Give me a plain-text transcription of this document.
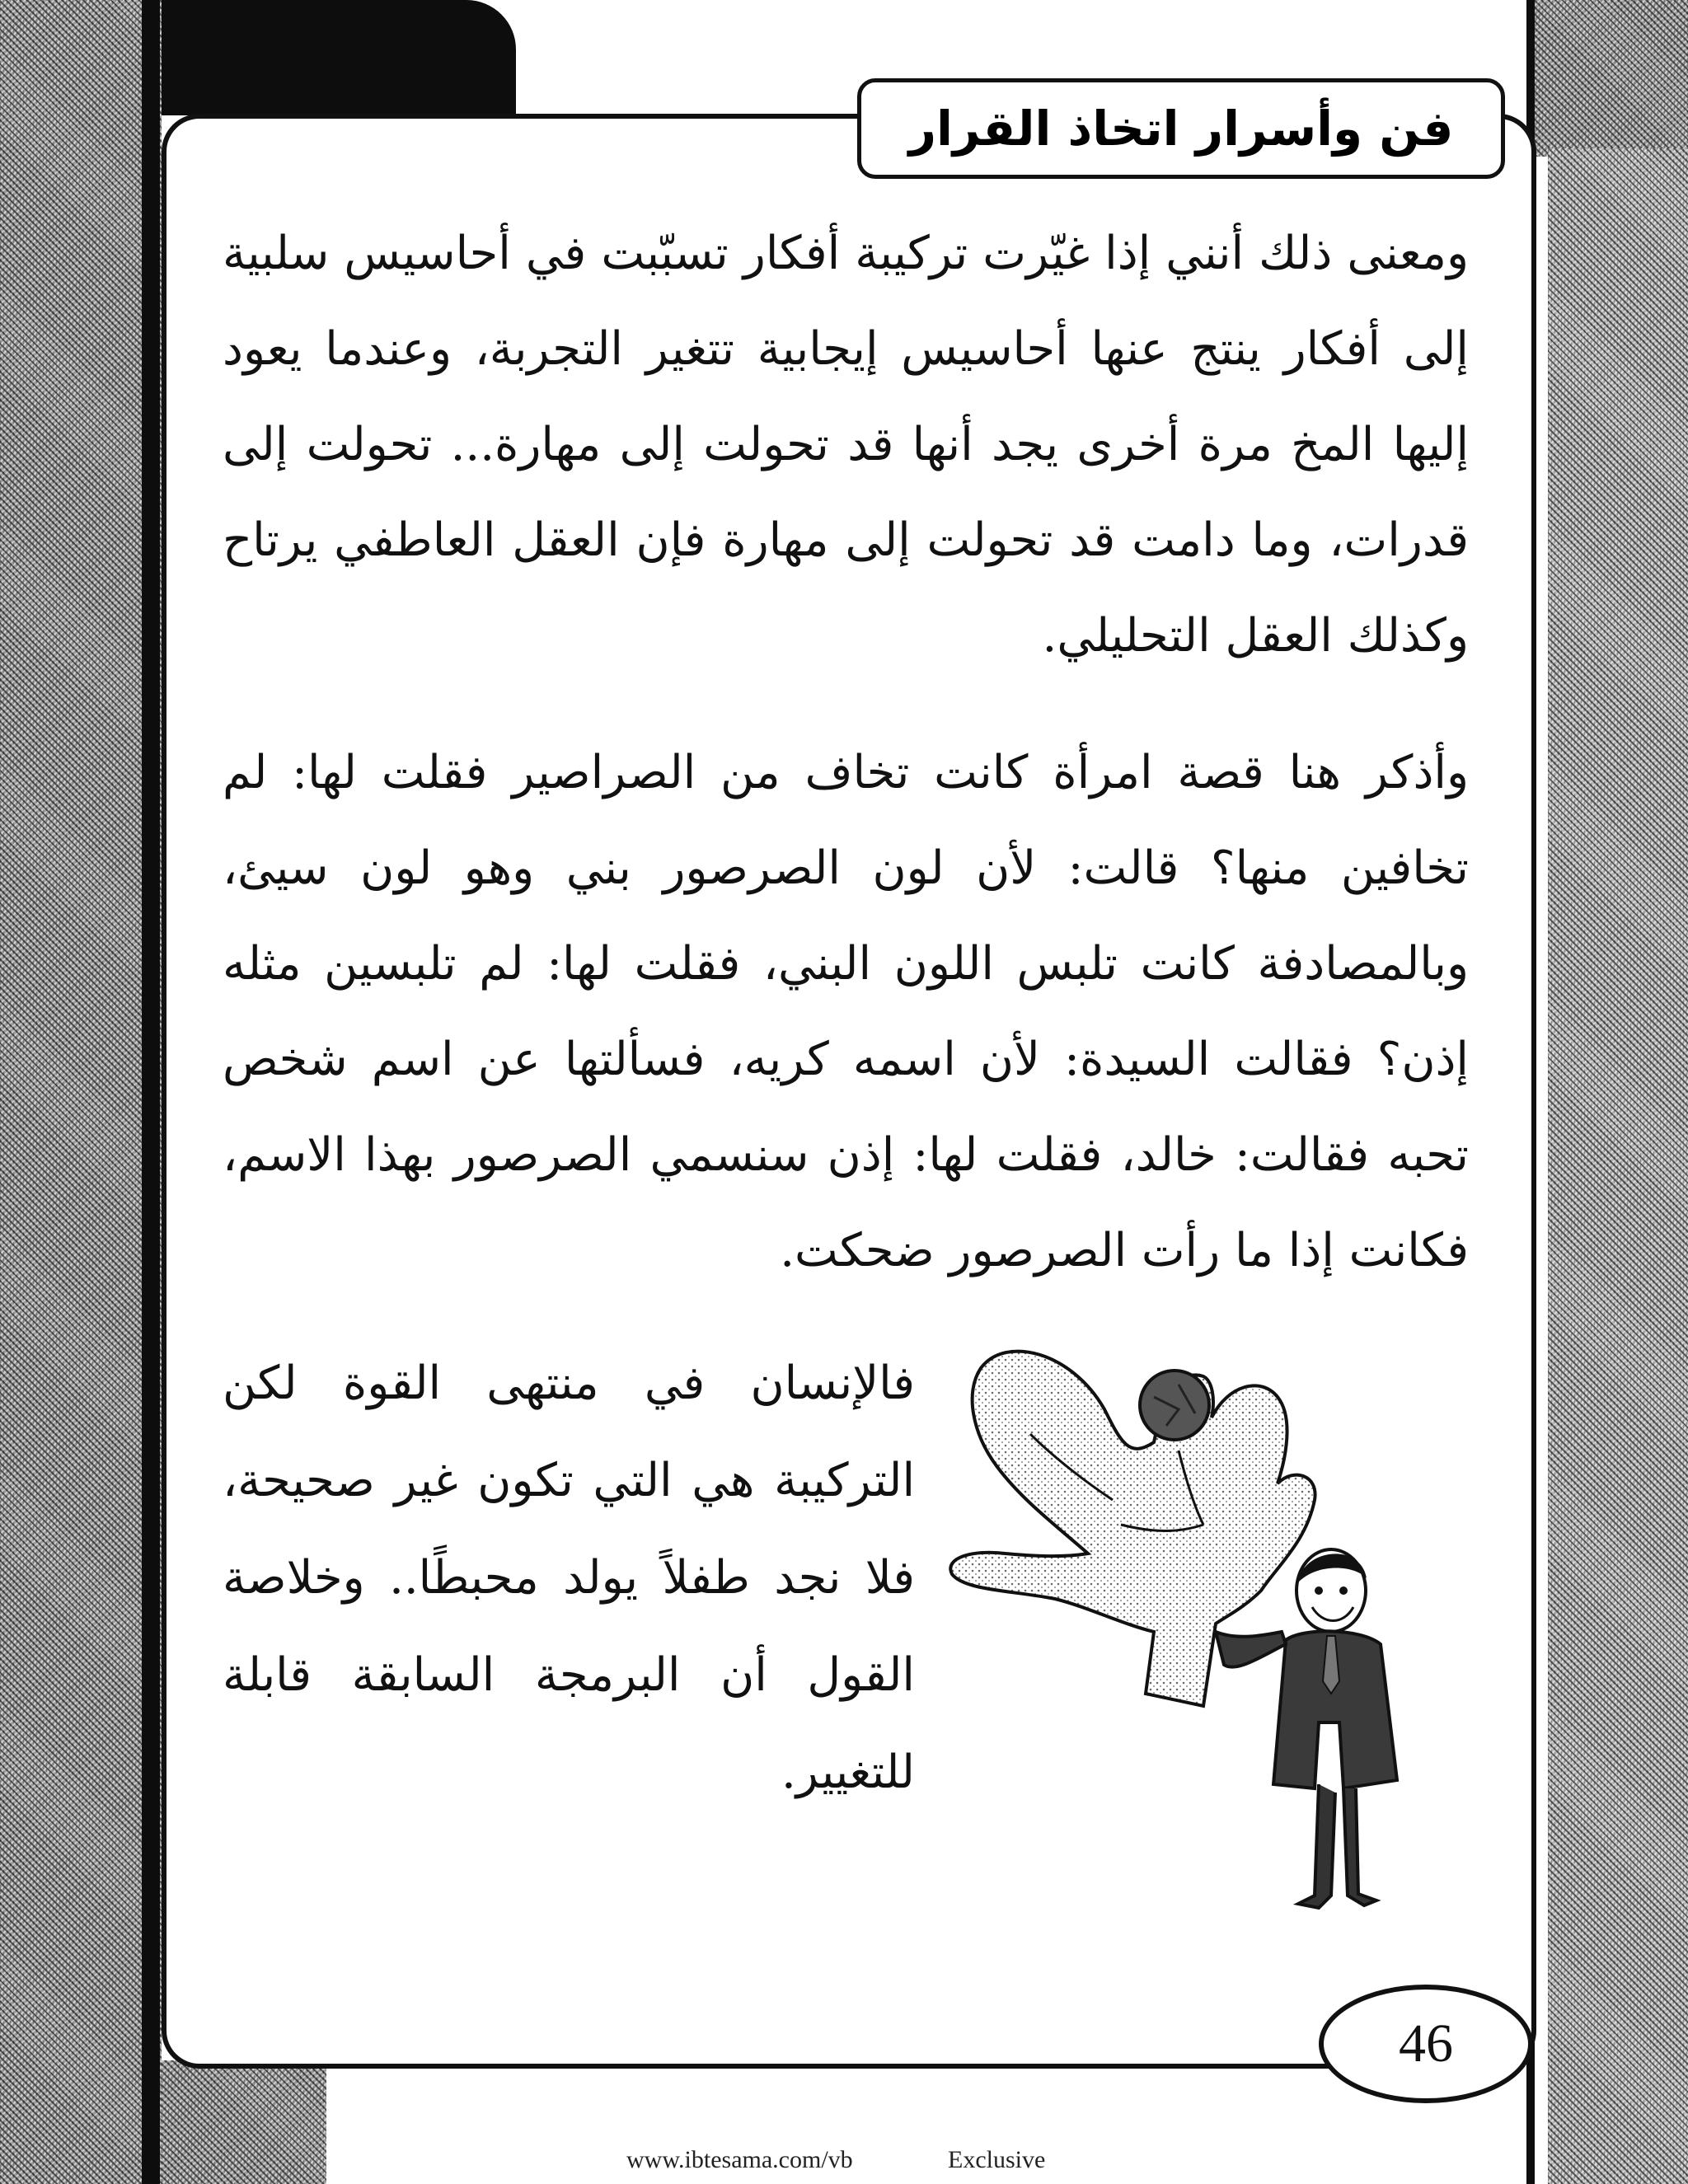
فن وأسرار اتخاذ القرار

ومعنى ذلك أنني إذا غيّرت تركيبة أفكار تسبّبت في أحاسيس سلبية إلى أفكار ينتج عنها أحاسيس إيجابية تتغير التجربة، وعندما يعود إليها المخ مرة أخرى يجد أنها قد تحولت إلى مهارة... تحولت إلى قدرات، وما دامت قد تحولت إلى مهارة فإن العقل العاطفي يرتاح وكذلك العقل التحليلي.

وأذكر هنا قصة امرأة كانت تخاف من الصراصير فقلت لها: لم تخافين منها؟ قالت: لأن لون الصرصور بني وهو لون سيئ، وبالمصادفة كانت تلبس اللون البني، فقلت لها: لم تلبسين مثله إذن؟ فقالت السيدة: لأن اسمه كريه، فسألتها عن اسم شخص تحبه فقالت: خالد، فقلت لها: إذن سنسمي الصرصور بهذا الاسم، فكانت إذا ما رأت الصرصور ضحكت.

فالإنسان في منتهى القوة لكن التركيبة هي التي تكون غير صحيحة، فلا نجد طفلاً يولد محبطًا.. وخلاصة القول أن البرمجة السابقة قابلة للتغيير.

46
www.ibtesama.com/vb	Exclusive
